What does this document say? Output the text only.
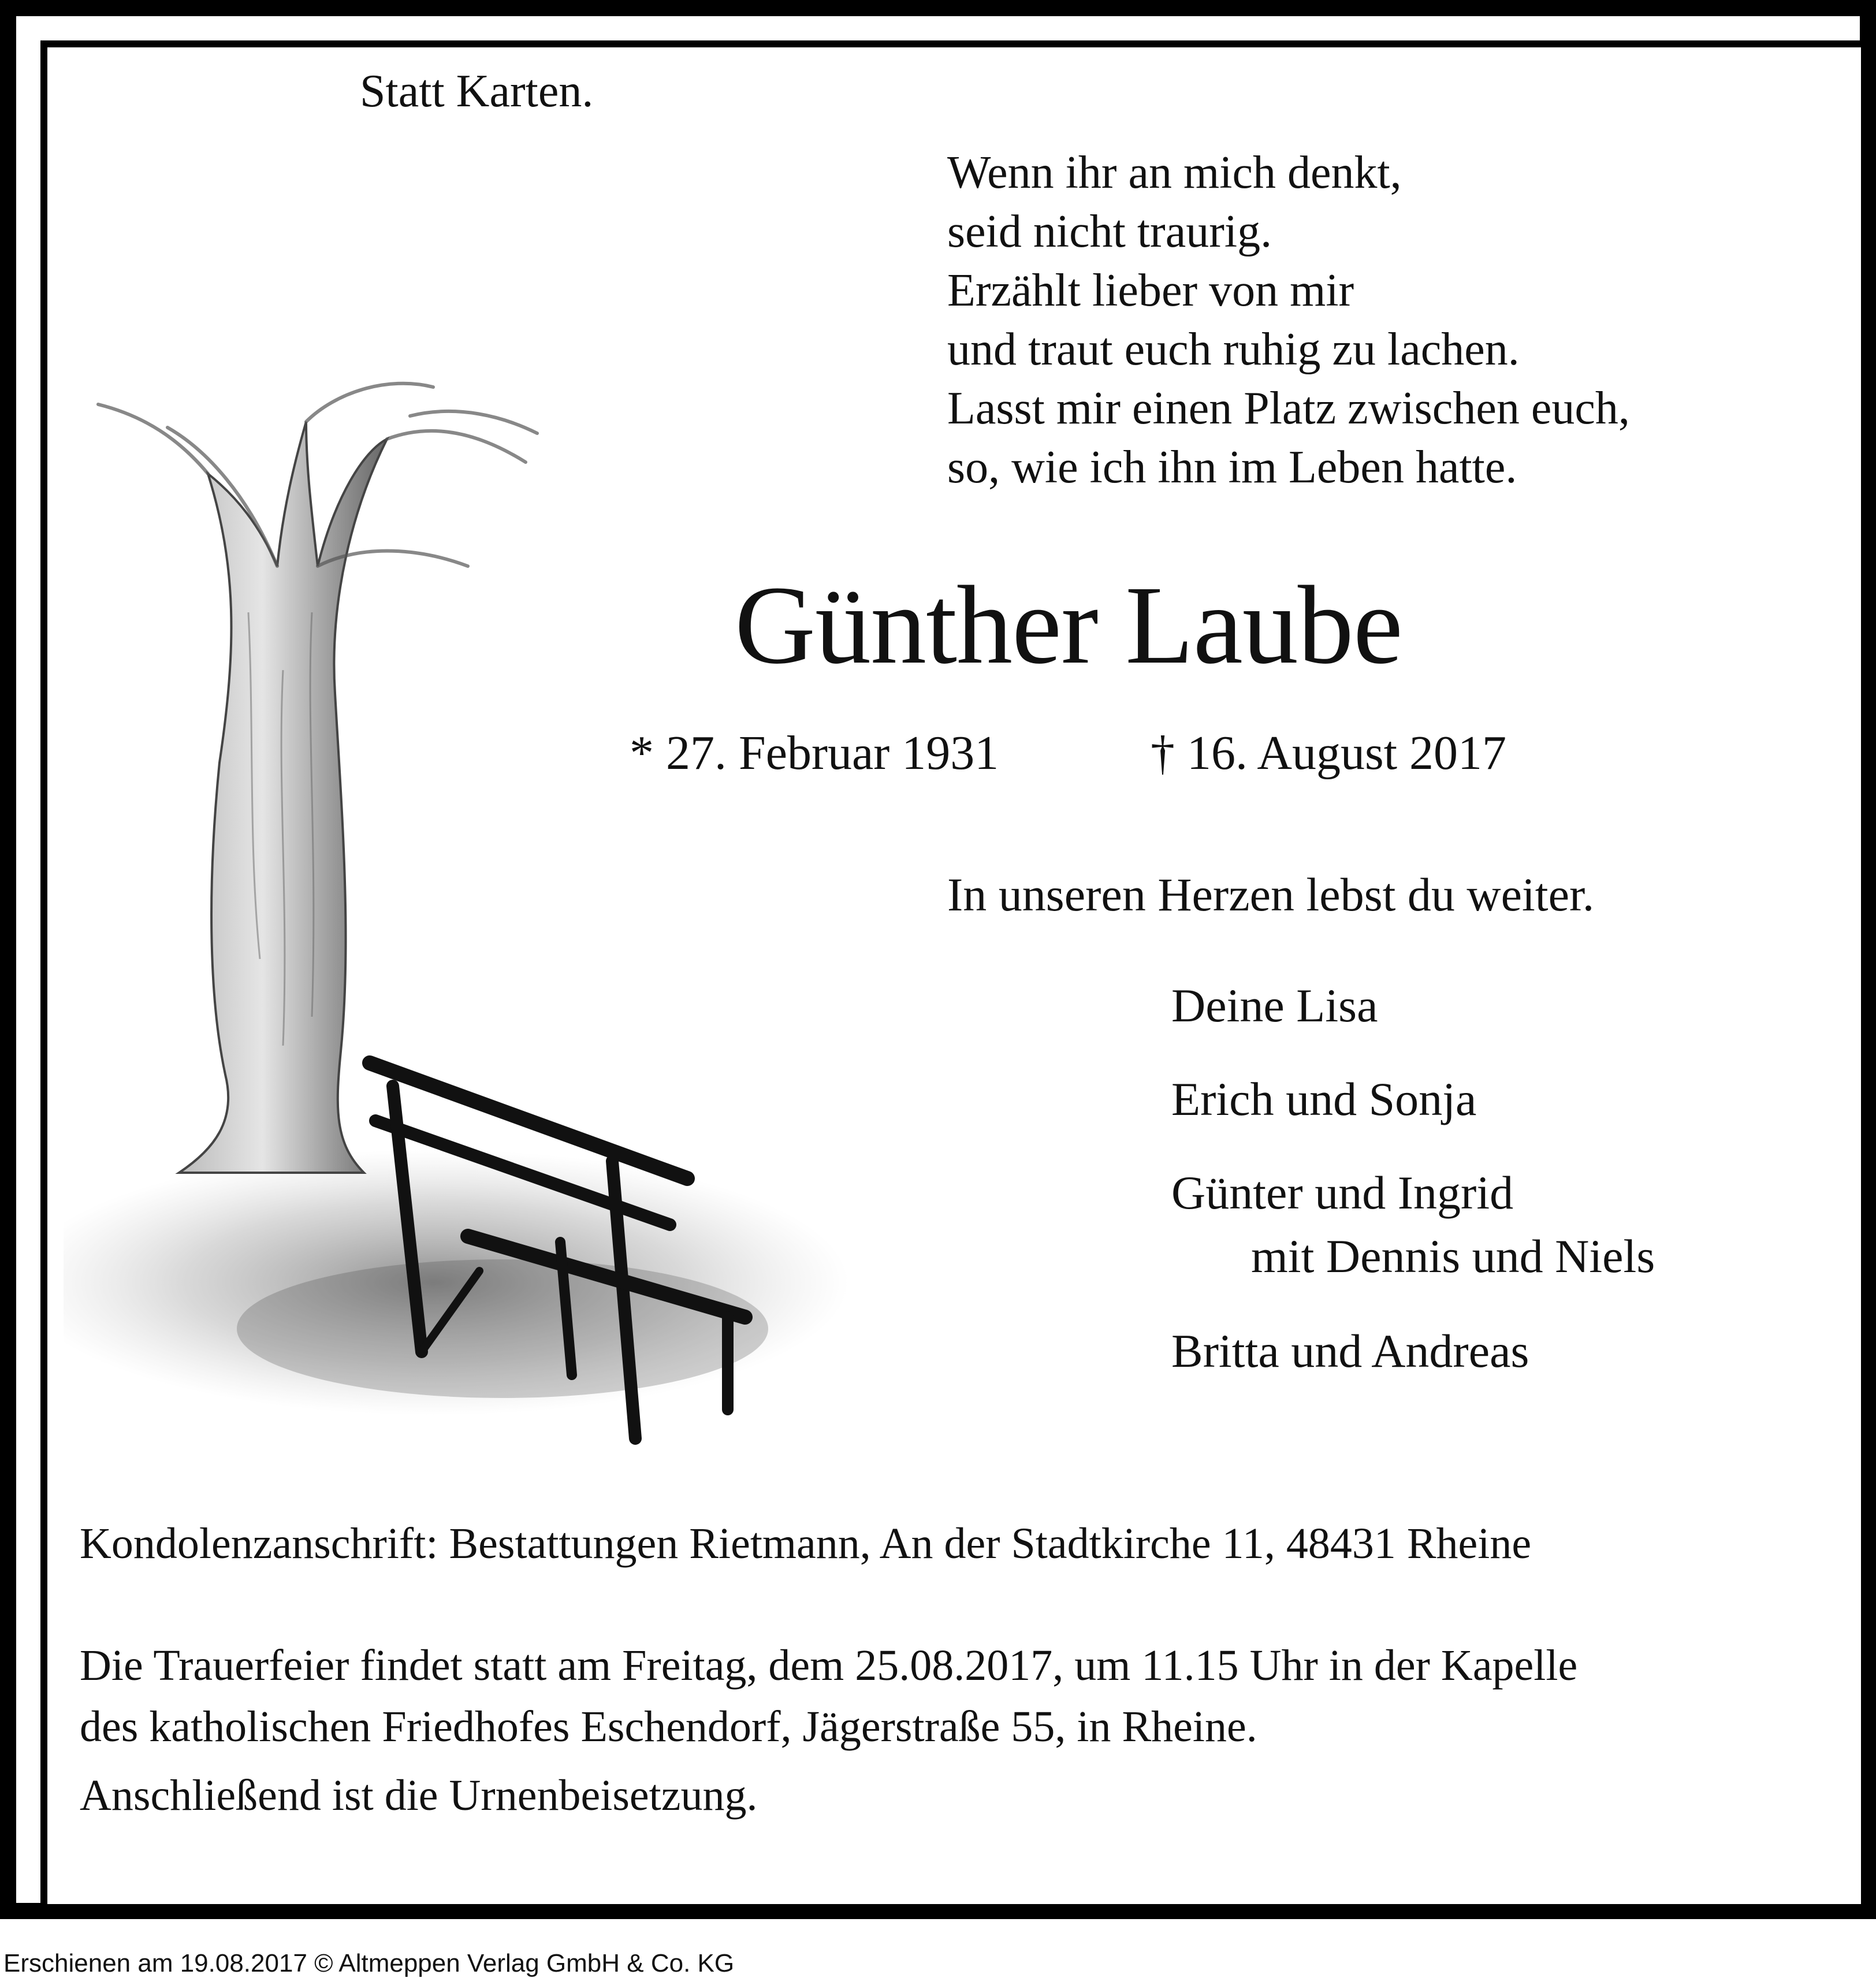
Statt Karten.
Wenn ihr an mich denkt,
seid nicht traurig.
Erzählt lieber von mir
und traut euch ruhig zu lachen.
Lasst mir einen Platz zwischen euch,
so, wie ich ihn im Leben hatte.
Günther Laube
* 27. Februar 1931	† 16. August 2017
In unseren Herzen lebst du weiter.
Deine Lisa
Erich und Sonja
Günter und Ingrid
mit Dennis und Niels
Britta und Andreas
Kondolenzanschrift: Bestattungen Rietmann, An der Stadtkirche 11, 48431 Rheine
Die Trauerfeier findet statt am Freitag, dem 25.08.2017, um 11.15 Uhr in der Kapelle
des katholischen Friedhofes Eschendorf, Jägerstraße 55, in Rheine.
Anschließend ist die Urnenbeisetzung.
Erschienen am 19.08.2017 © Altmeppen Verlag GmbH & Co. KG
